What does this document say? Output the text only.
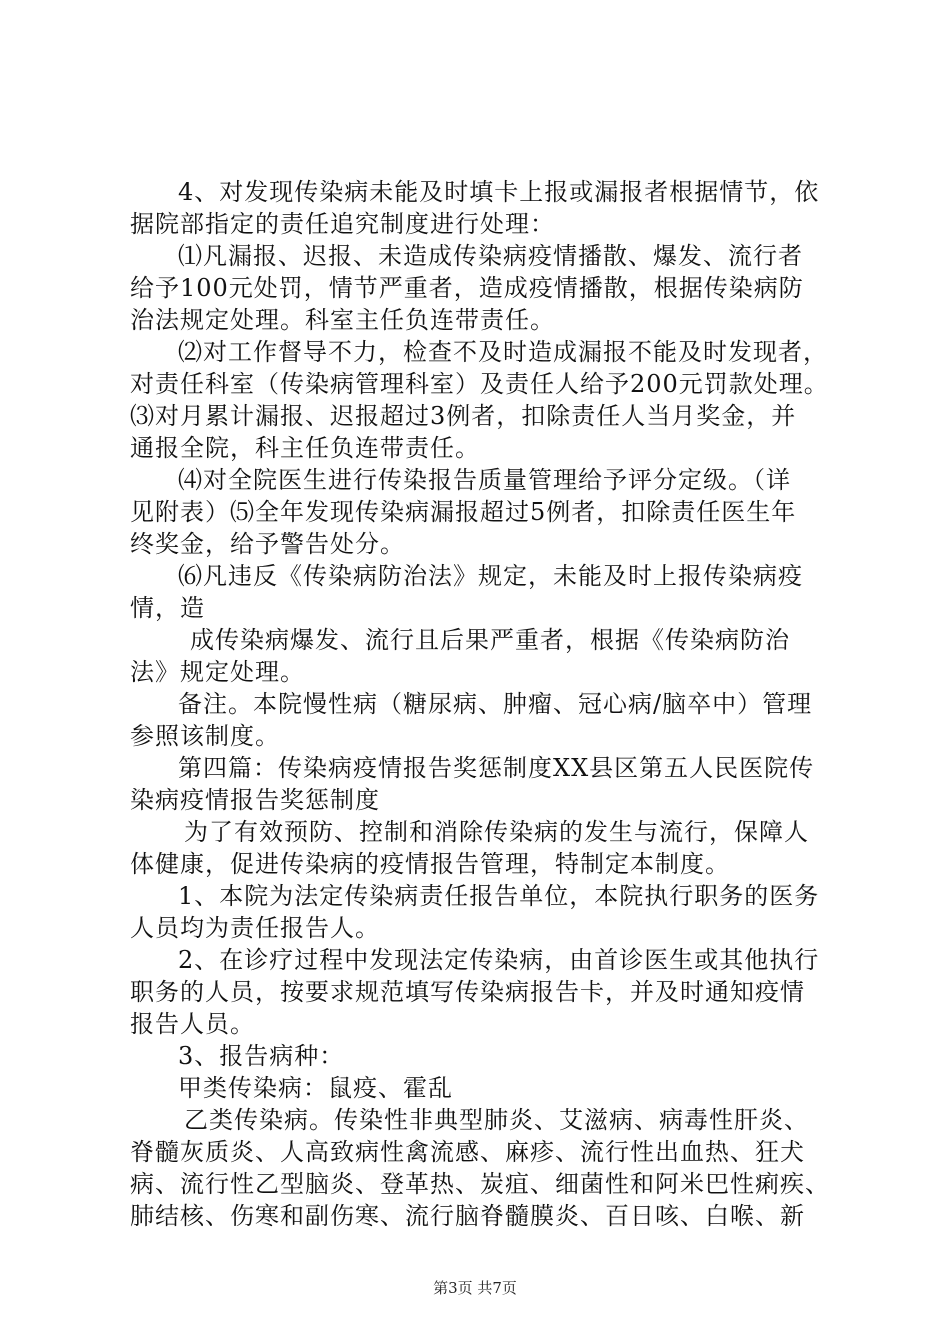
4、对发现传染病未能及时填卡上报或漏报者根据情节，依
据院部指定的责任追究制度进行处理：
⑴凡漏报、迟报、未造成传染病疫情播散、爆发、流行者
给予100元处罚，情节严重者，造成疫情播散，根据传染病防
治法规定处理。科室主任负连带责任。
⑵对工作督导不力，检查不及时造成漏报不能及时发现者，
对责任科室（传染病管理科室）及责任人给予200元罚款处理。
⑶对月累计漏报、迟报超过3例者，扣除责任人当月奖金，并
通报全院，科主任负连带责任。
⑷对全院医生进行传染报告质量管理给予评分定级。（详
见附表）⑸全年发现传染病漏报超过5例者，扣除责任医生年
终奖金，给予警告处分。
⑹凡违反《传染病防治法》规定，未能及时上报传染病疫
情，造
成传染病爆发、流行且后果严重者，根据《传染病防治
法》规定处理。
备注。本院慢性病（糖尿病、肿瘤、冠心病/脑卒中）管理
参照该制度。
第四篇：传染病疫情报告奖惩制度XX县区第五人民医院传
染病疫情报告奖惩制度
为了有效预防、控制和消除传染病的发生与流行，保障人
体健康，促进传染病的疫情报告管理，特制定本制度。
1、本院为法定传染病责任报告单位，本院执行职务的医务
人员均为责任报告人。
2、在诊疗过程中发现法定传染病，由首诊医生或其他执行
职务的人员，按要求规范填写传染病报告卡，并及时通知疫情
报告人员。
3、报告病种：
甲类传染病：鼠疫、霍乱
乙类传染病。传染性非典型肺炎、艾滋病、病毒性肝炎、
脊髓灰质炎、人高致病性禽流感、麻疹、流行性出血热、狂犬
病、流行性乙型脑炎、登革热、炭疽、细菌性和阿米巴性痢疾、
肺结核、伤寒和副伤寒、流行脑脊髓膜炎、百日咳、白喉、新
第3页 共7页
